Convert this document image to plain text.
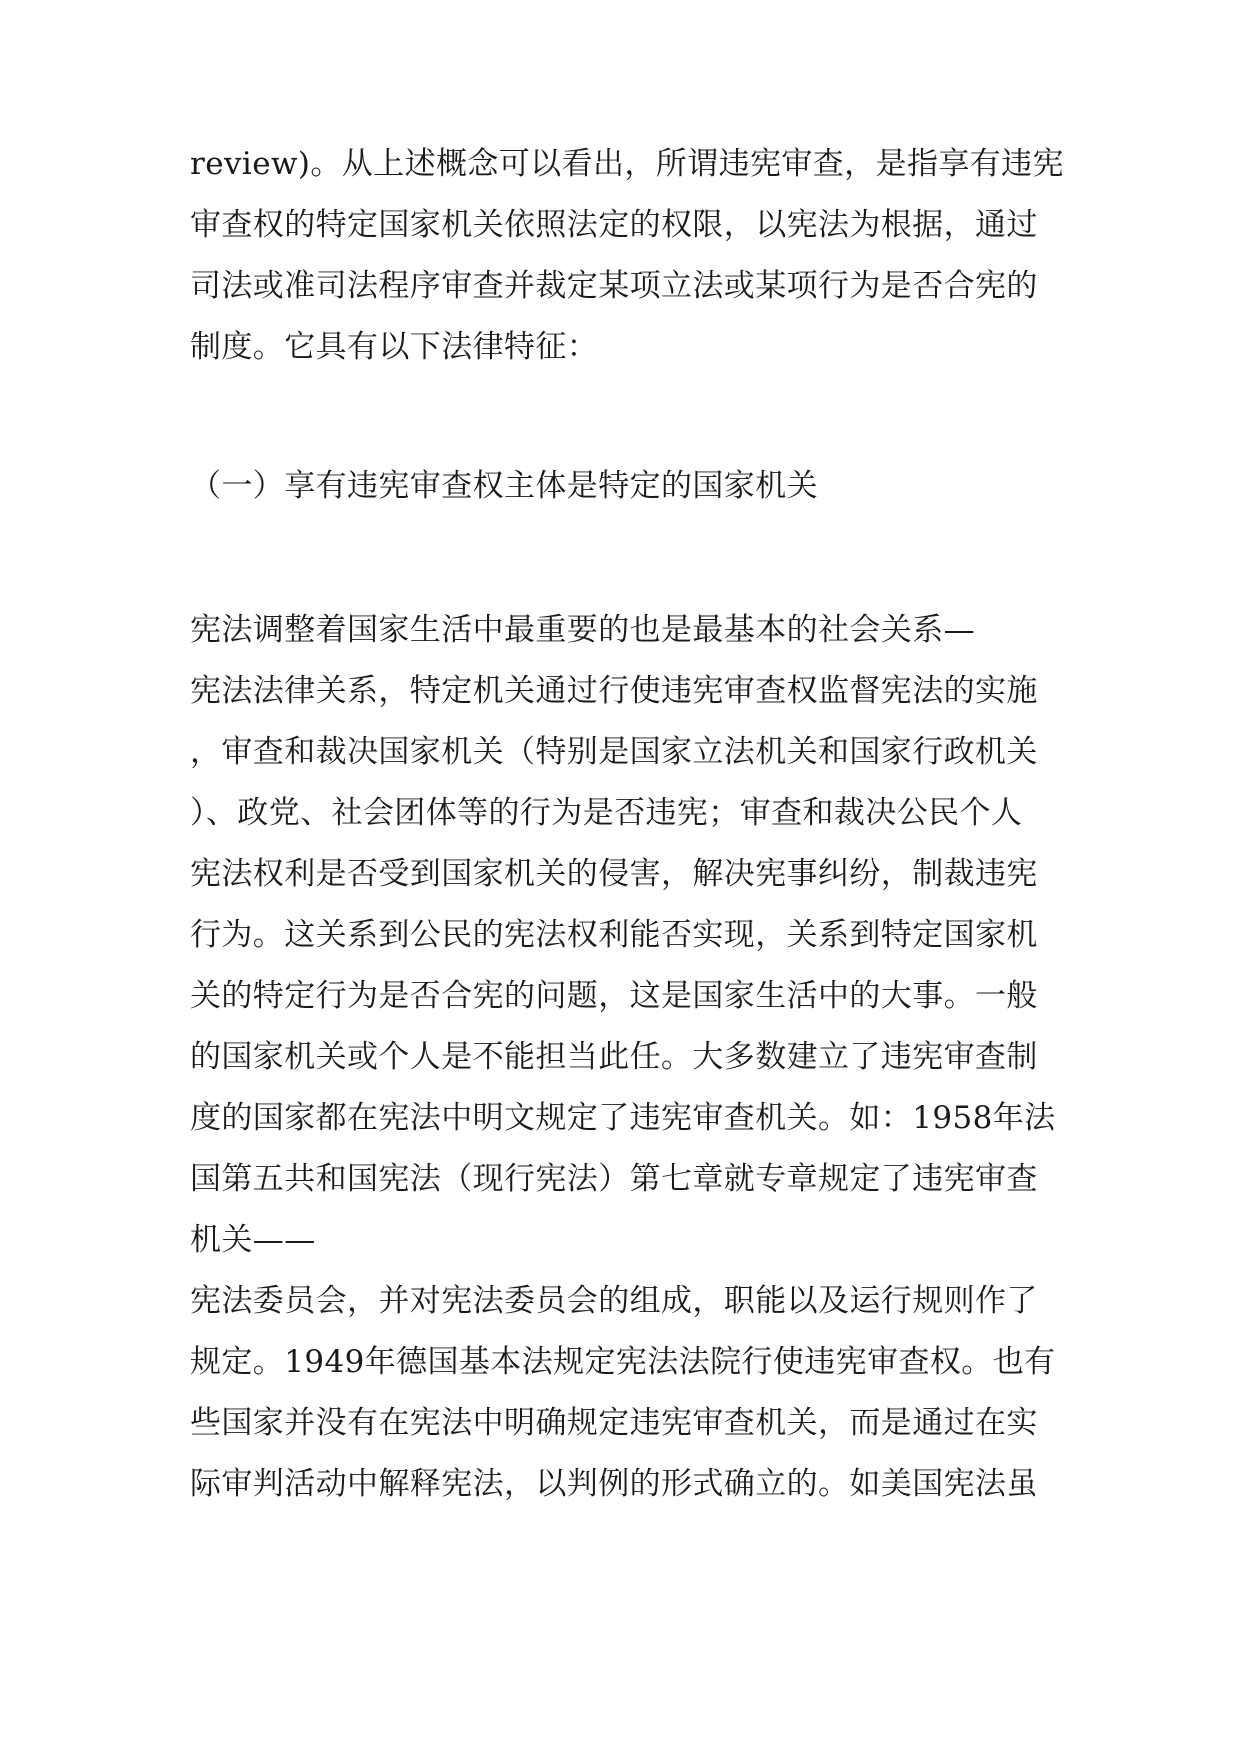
review)。从上述概念可以看出，所谓违宪审查，是指享有违宪
审查权的特定国家机关依照法定的权限，以宪法为根据，通过
司法或准司法程序审查并裁定某项立法或某项行为是否合宪的
制度。它具有以下法律特征：
（一）享有违宪审查权主体是特定的国家机关
宪法调整着国家生活中最重要的也是最基本的社会关系—
宪法法律关系，特定机关通过行使违宪审查权监督宪法的实施
，审查和裁决国家机关（特别是国家立法机关和国家行政机关
）、政党、社会团体等的行为是否违宪；审查和裁决公民个人
宪法权利是否受到国家机关的侵害，解决宪事纠纷，制裁违宪
行为。这关系到公民的宪法权利能否实现，关系到特定国家机
关的特定行为是否合宪的问题，这是国家生活中的大事。一般
的国家机关或个人是不能担当此任。大多数建立了违宪审查制
度的国家都在宪法中明文规定了违宪审查机关。如：1958年法
国第五共和国宪法（现行宪法）第七章就专章规定了违宪审查
机关——
宪法委员会，并对宪法委员会的组成，职能以及运行规则作了
规定。1949年德国基本法规定宪法法院行使违宪审查权。也有
些国家并没有在宪法中明确规定违宪审查机关，而是通过在实
际审判活动中解释宪法，以判例的形式确立的。如美国宪法虽
